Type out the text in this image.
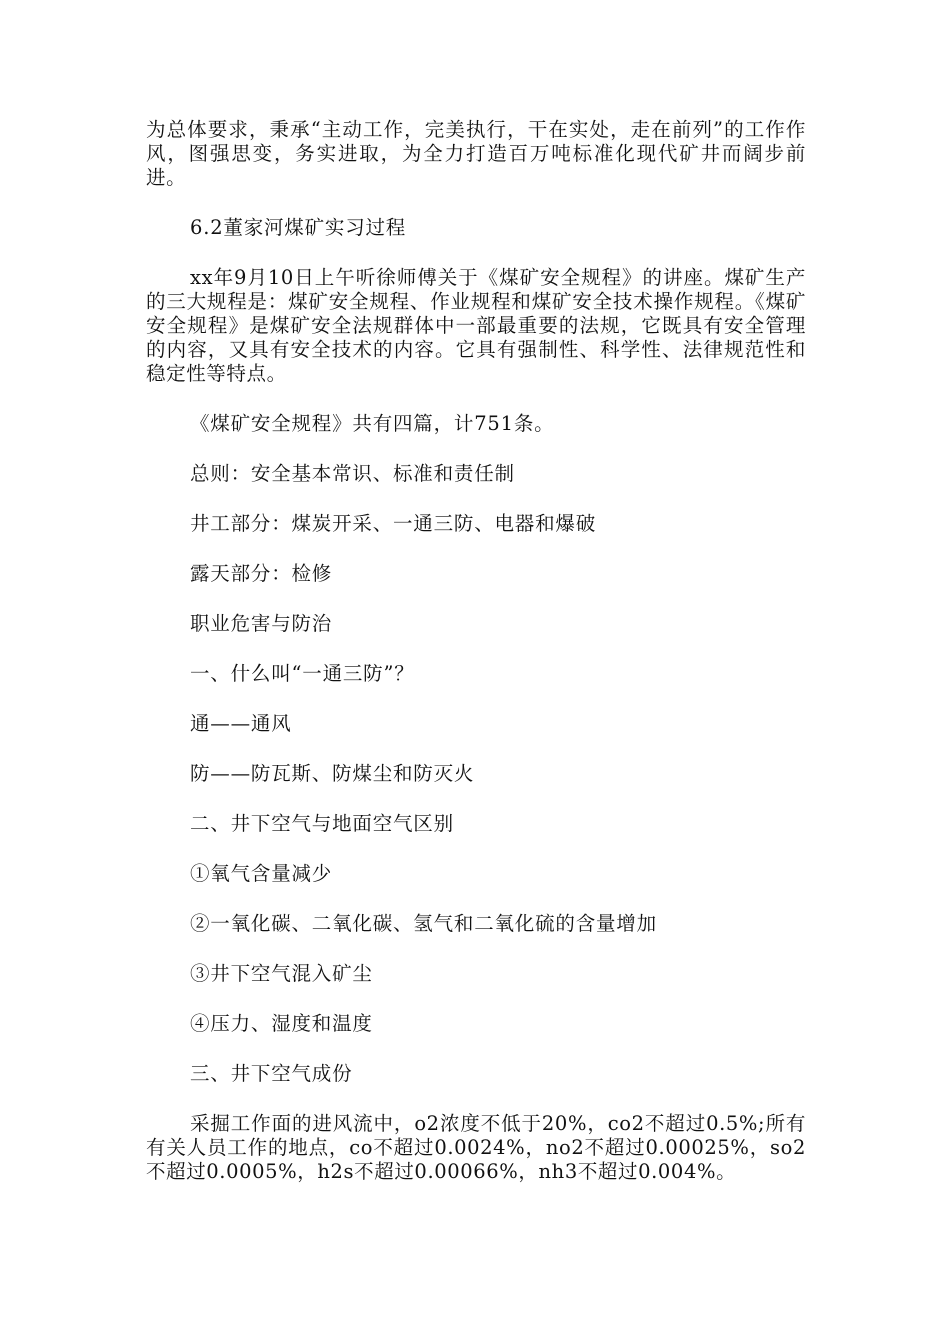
为总体要求，秉承“主动工作，完美执行，干在实处，走在前列”的工作作风，图强思变，务实进取，为全力打造百万吨标准化现代矿井而阔步前进。

6.2董家河煤矿实习过程

xx年9月10日上午听徐师傅关于《煤矿安全规程》的讲座。煤矿生产的三大规程是：煤矿安全规程、作业规程和煤矿安全技术操作规程。《煤矿安全规程》是煤矿安全法规群体中一部最重要的法规，它既具有安全管理的内容，又具有安全技术的内容。它具有强制性、科学性、法律规范性和稳定性等特点。

《煤矿安全规程》共有四篇，计751条。

总则：安全基本常识、标准和责任制

井工部分：煤炭开采、一通三防、电器和爆破

露天部分：检修

职业危害与防治

一、什么叫“一通三防”？

通——通风

防——防瓦斯、防煤尘和防灭火

二、井下空气与地面空气区别

①氧气含量减少

②一氧化碳、二氧化碳、氢气和二氧化硫的含量增加

③井下空气混入矿尘

④压力、湿度和温度

三、井下空气成份

采掘工作面的进风流中，o2浓度不低于20%，co2不超过0.5%;所有有关人员工作的地点，co不超过0.0024%，no2不超过0.00025%，so2不超过0.0005%，h2s不超过0.00066%，nh3不超过0.004%。
